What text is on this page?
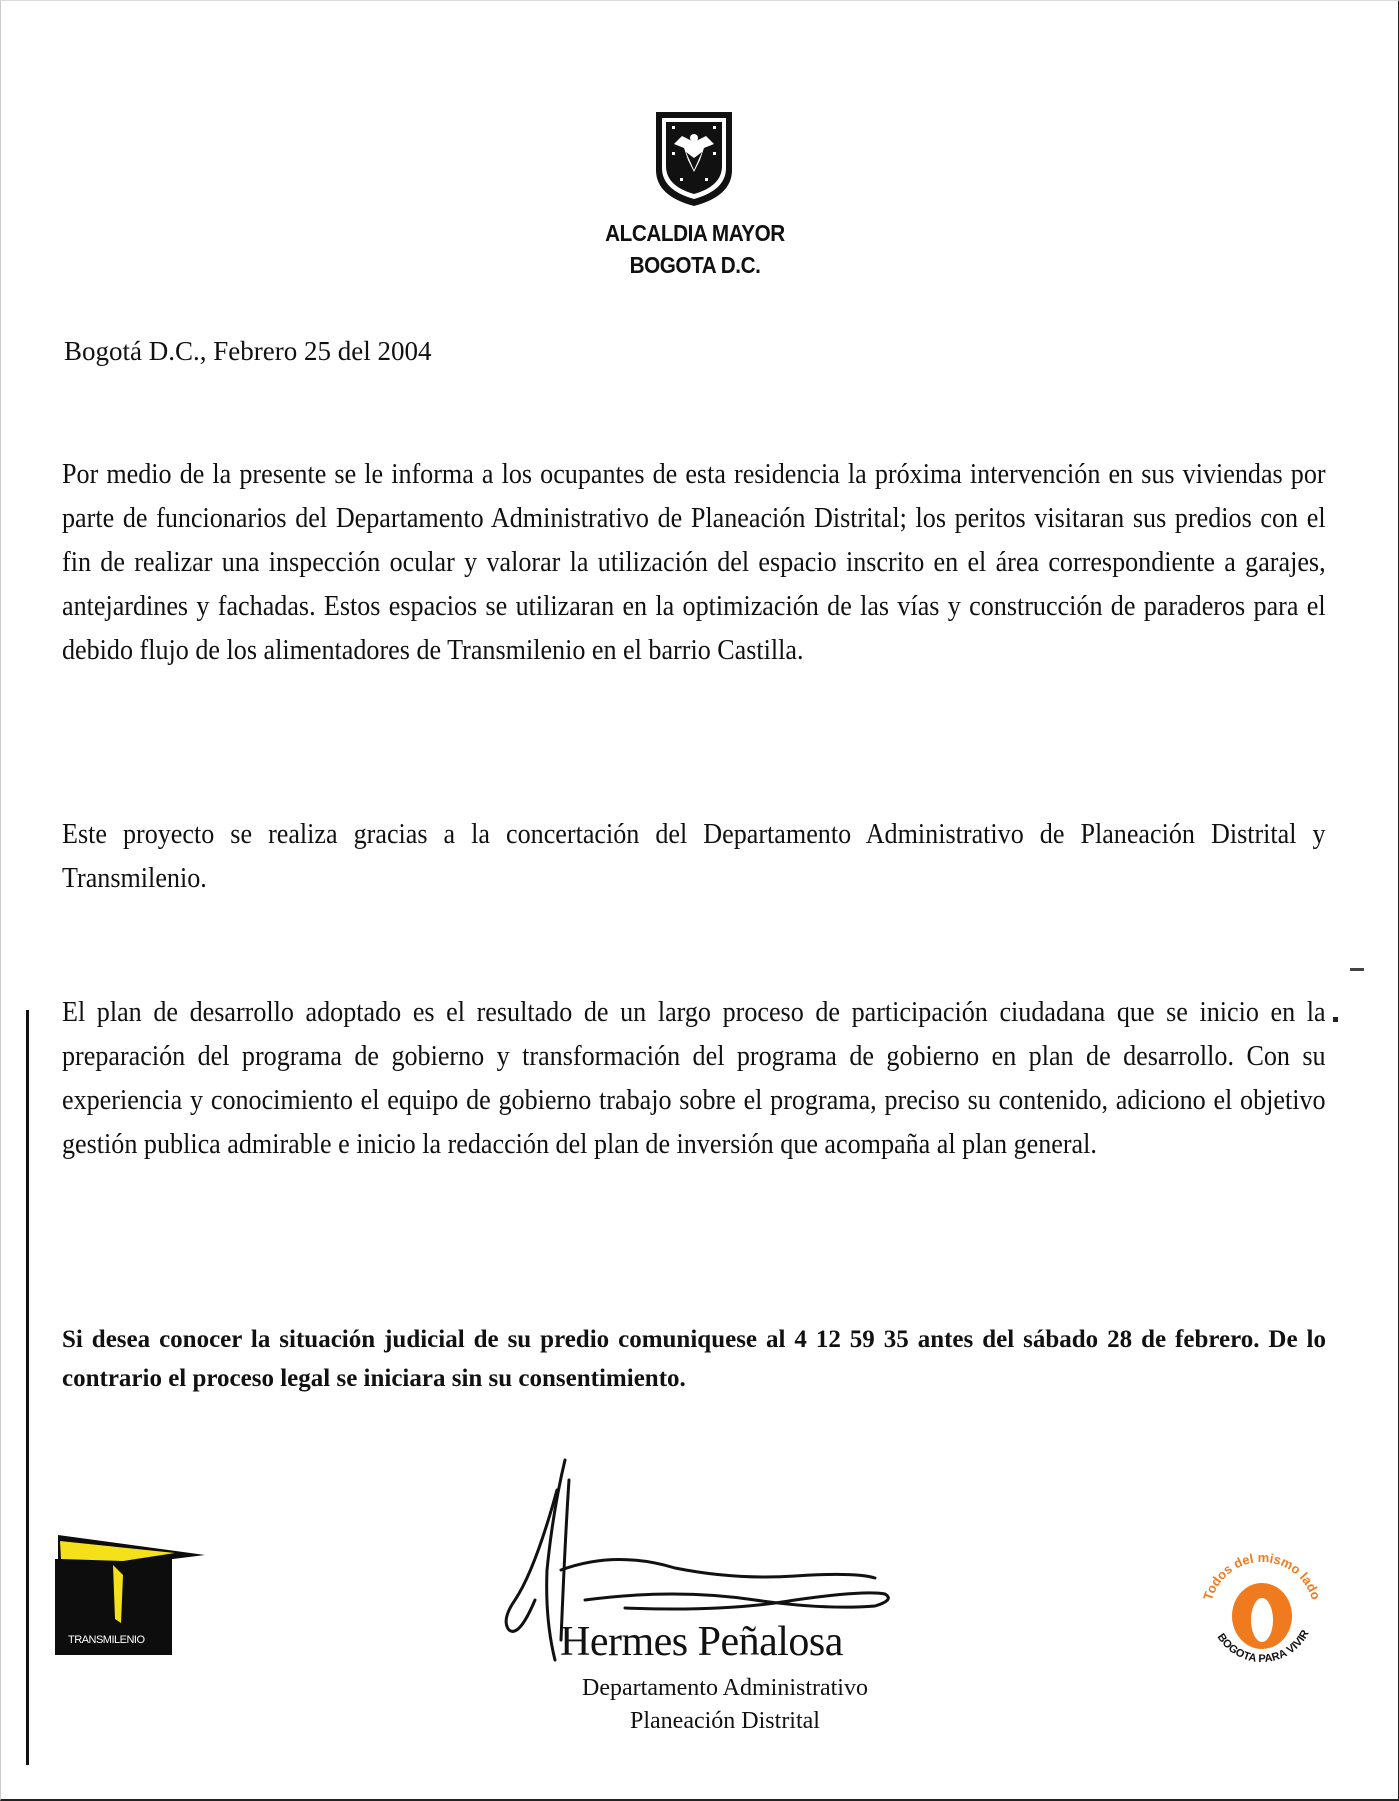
ALCALDIA MAYOR
BOGOTA D.C.
Bogotá D.C., Febrero 25 del 2004
Por medio de la presente se le informa a los ocupantes de esta residencia la próxima intervención en sus viviendas por parte de funcionarios del Departamento Administrativo de Planeación Distrital; los peritos visitaran sus predios con el fin de realizar una inspección ocular y valorar la utilización del espacio inscrito en el área correspondiente a garajes, antejardines y fachadas. Estos espacios se utilizaran en la optimización de las vías y construcción de paraderos para el debido flujo de los alimentadores de Transmilenio en el barrio Castilla.
Este proyecto se realiza gracias a la concertación del Departamento Administrativo de Planeación Distrital y Transmilenio.
El plan de desarrollo adoptado es el resultado de un largo proceso de participación ciudadana que se inicio en la preparación del programa de gobierno y transformación del programa de gobierno en plan de desarrollo. Con su experiencia y conocimiento el equipo de gobierno trabajo sobre el programa, preciso su contenido, adiciono el objetivo gestión publica admirable e inicio la redacción del plan de inversión que acompaña al plan general.
Si desea conocer la situación judicial de su predio comuniquese al 4 12 59 35 antes del sábado 28 de febrero. De lo contrario el proceso legal se iniciara sin su consentimiento.
Hermes Peñalosa
Departamento Administrativo
Planeación Distrital
TRANSMILENIO
Todos del mismo lado
BOGOTA PARA VIVIR
